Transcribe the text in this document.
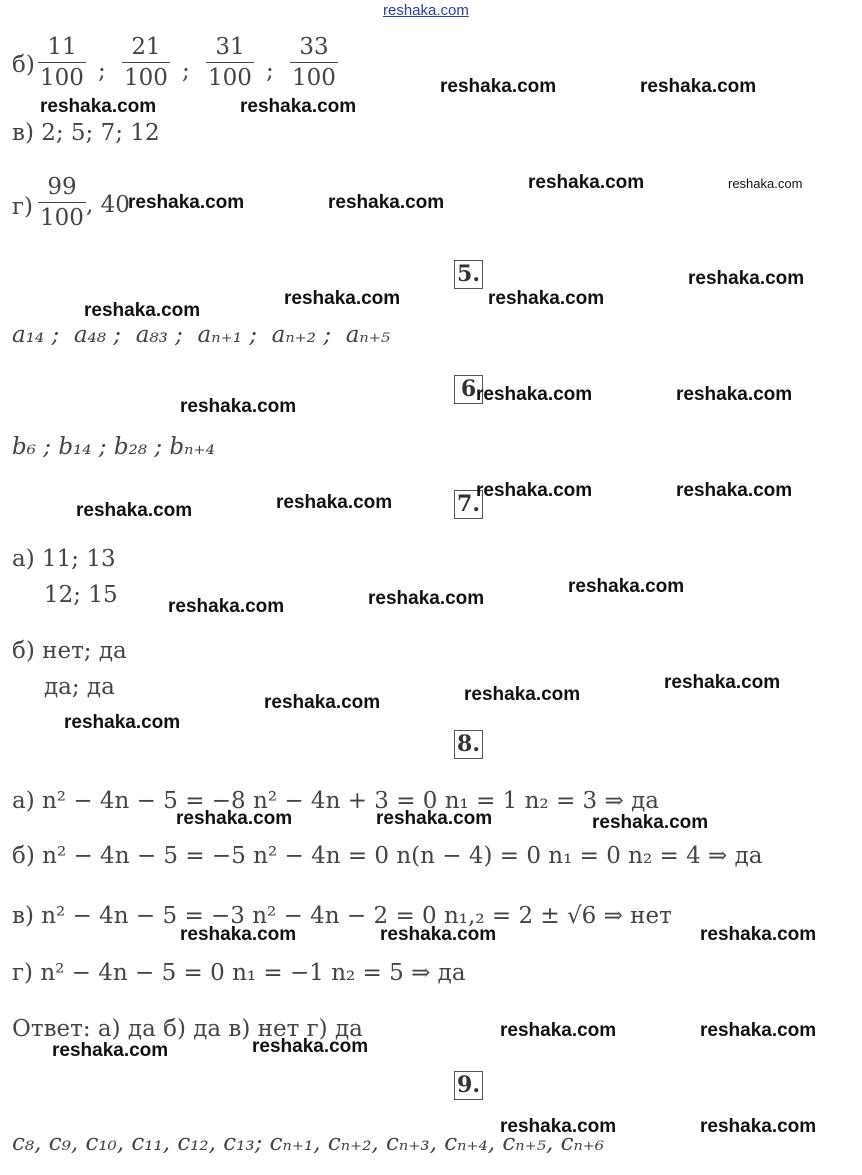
reshaka.com
$б) \frac{11}{100}$ ; $\frac{21}{100}$ ; $\frac{31}{100}$ ; $\frac{33}{100}$
в) 2; 5; 7; 12
$г) \frac{99}{100}$ , 40
5.
a₁₄ ; a₄₈ ; a₈₃ ; aₙ₊₁ ; aₙ₊₂ ; aₙ₊₅
6
b₆ ; b₁₄ ; b₂₈ ; bₙ₊₄
7.
а) 11; 13
12; 15
б) нет; да
да; да
8.
а) n² − 4n − 5 = −8 n² − 4n + 3 = 0 n₁ = 1 n₂ = 3 ⇒ да
б) n² − 4n − 5 = −5 n² − 4n = 0 n(n − 4) = 0 n₁ = 0 n₂ = 4 ⇒ да
в) n² − 4n − 5 = −3 n² − 4n − 2 = 0 n₁,₂ = 2 ± √6 ⇒ нет
г) n² − 4n − 5 = 0 n₁ = −1 n₂ = 5 ⇒ да
Ответ: а) да б) да в) нет г) да
9.
c₈, c₉, c₁₀, c₁₁, c₁₂, c₁₃; cₙ₊₁, cₙ₊₂, cₙ₊₃, cₙ₊₄, cₙ₊₅, cₙ₊₆
reshaka.com	reshaka.com
reshaka.com	reshaka.com
reshaka.com	reshaka.com
reshaka.com	reshaka.com
reshaka.com
reshaka.com	reshaka.com
reshaka.com
reshaka.com	reshaka.com
reshaka.com
reshaka.com	reshaka.com
reshaka.com
reshaka.com
reshaka.com
reshaka.com
reshaka.com
reshaka.com
reshaka.com
reshaka.com
reshaka.com
reshaka.com	reshaka.com	reshaka.com
reshaka.com	reshaka.com	reshaka.com
reshaka.com	reshaka.com
reshaka.com
reshaka.com
reshaka.com	reshaka.com
